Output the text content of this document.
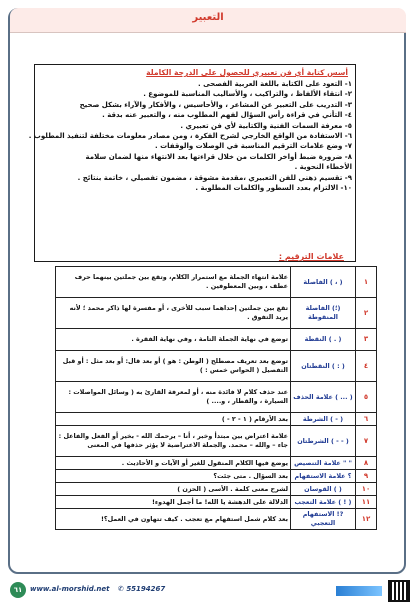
التعبير
أسس كتابة أي فن تعبيري للحصول على الدرجة الكاملة

١- التعود على الكتابة باللغة العربية الفصحى .

٢- انتقاء الألفاظ ، والتراكيب ، والأساليب المناسبة للموضوع .

٣- التدريب على التعبير عن المشاعر ، والأحاسيس ، والأفكار والآراء بشكل صحيح

٤- التأني في قراءة رأس السؤال لفهم المطلوب منه ، والتعبير عنه بدقة .

٥- معرفة السمات الفنية والكتابية لأي فن تعبيري .

٦- الاستفادة من الواقع الخارجي لشرح الفكرة ، ومن مصادر معلومات مختلفة لتنفيذ المطلوب .

٧- وضع علامات الترقيم المناسبة في الوصلات والوقفات .

٨- ضرورة ضبط أواخر الكلمات من خلال قراءتها بعد الانتهاء منها لضمان سلامة الأخطاء النحوية .

٩- تقسيم ذهني للفن التعبيري ،مقدمة مشوقة ، مضمون تفصيلي ، خاتمة بنتائج .

١٠- الالتزام بعدد السطور والكلمات المطلوبة .

علامات الترقيم :
١	( ، ) الفاصلة	علامة انتهاء الجملة مع استمرار الكلام، وتقع بين جملتين بينهما حرف عطف ، وبين المعطوفين .
٢	(؛) الفاصلة المنقوطة	تقع بين جملتين إحداهما سبب للأخرى ، أو مفسرة لها ذاكر محمد ؛ لأنه يريد التفوق .
٣	( . ) النقطة	توضع في نهاية الجملة التامة ، وفي نهاية الفقرة .
٤	( : ) النقطتان	توضع بعد تعريف مصطلح ( الوطن : هو ) أو بعد قال: أو بعد مثل : أو قبل التفصيل ( الحواس خمس : )
٥	( ... ) علامة الحذف	عند حذف كلام لا فائدة منه ، أو لمعرفة القارئ به ( وسائل المواصلات : السيارة ، والقطار ، و.... )
٦	( - ) الشرطة	بعد الأرقام ( ١ - ٢ - )
٧	( - - ) الشرطتان	علامة اعتراض بين مبتدأ وخبر ، أنا – يرحمك الله - بخير أو الفعل والفاعل : جاء – والله – محمد. والجملة الاعتراضية لا يؤثر حذفها في المعنى
٨	" " علامة التنصيص	يوضع فيها الكلام المنقول للغير أو الآيات و الأحاديث .
٩	؟ علامة الاستفهام	بعد السؤال . متى جئت؟
١٠	( ) القوسان	لشرح معنى كلمة . الأسى ( الحزن )
١١	( ! ) علامة التعجب	الدلالة على الدهشة يا الله! ما أجمل الهدوء!
١٢	?! الاستفهام التعجبي	بعد كلام شمل استفهام مع تعجب . كيف تتهاون في العمل؟!
٦١	www.al-morshid.net ✆ 55194267
